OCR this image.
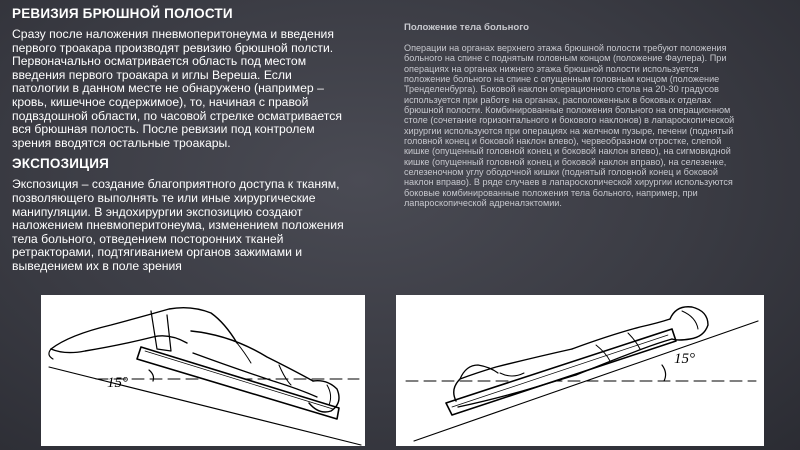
РЕВИЗИЯ БРЮШНОЙ ПОЛОСТИ

Сразу после наложения пневмоперитонеума и введения первого троакара производят ревизию брюшной полсти. Первоначально осматривается область под местом введения первого троакара и иглы Вереша. Если патологии в данном месте не обнаружено (например – кровь, кишечное содержимое), то, начиная с правой подвздошной области, по часовой стрелке осматривается вся брюшная полость. После ревизии под контролем зрения вводятся остальные троакары.

ЭКСПОЗИЦИЯ

Экспозиция – создание благоприятного доступа к тканям, позволяющего выполнять те или иные хирургические манипуляции. В эндохирургии экспозицию создают наложением пневмоперитонеума, изменением положения тела больного, отведением посторонних тканей ретракторами, подтягиванием органов зажимами и выведением их в поле зрения

Положение тела больного

Операции на органах верхнего этажа брюшной полости требуют положения больного на спине с поднятым головным концом (положение Фаулера). При операциях на органах нижнего этажа брюшной полости используется положение больного на спине с опущенным головным концом (положение Тренделенбурга). Боковой наклон операционного стола на 20-30 градусов используется при работе на органах, расположенных в боковых отделах брюшной полости. Комбинированные положения больного на операционном столе (сочетание горизонтального и бокового наклонов) в лапароскопической хирургии используются при операциях на желчном пузыре, печени (поднятый головной конец и боковой наклон влево), червеобразном отростке, слепой кишке (опущенный головной конец и боковой наклон влево), на сигмовидной кишке (опущенный головной конец и боковой наклон вправо), на селезенке, селезеночном углу ободочной кишки (поднятый головной конец и боковой наклон вправо). В ряде случаев в лапароскопической хирургии используются боковые комбинированные положения тела больного, например, при лапароскопической адреналэктомии.

15°
15°
